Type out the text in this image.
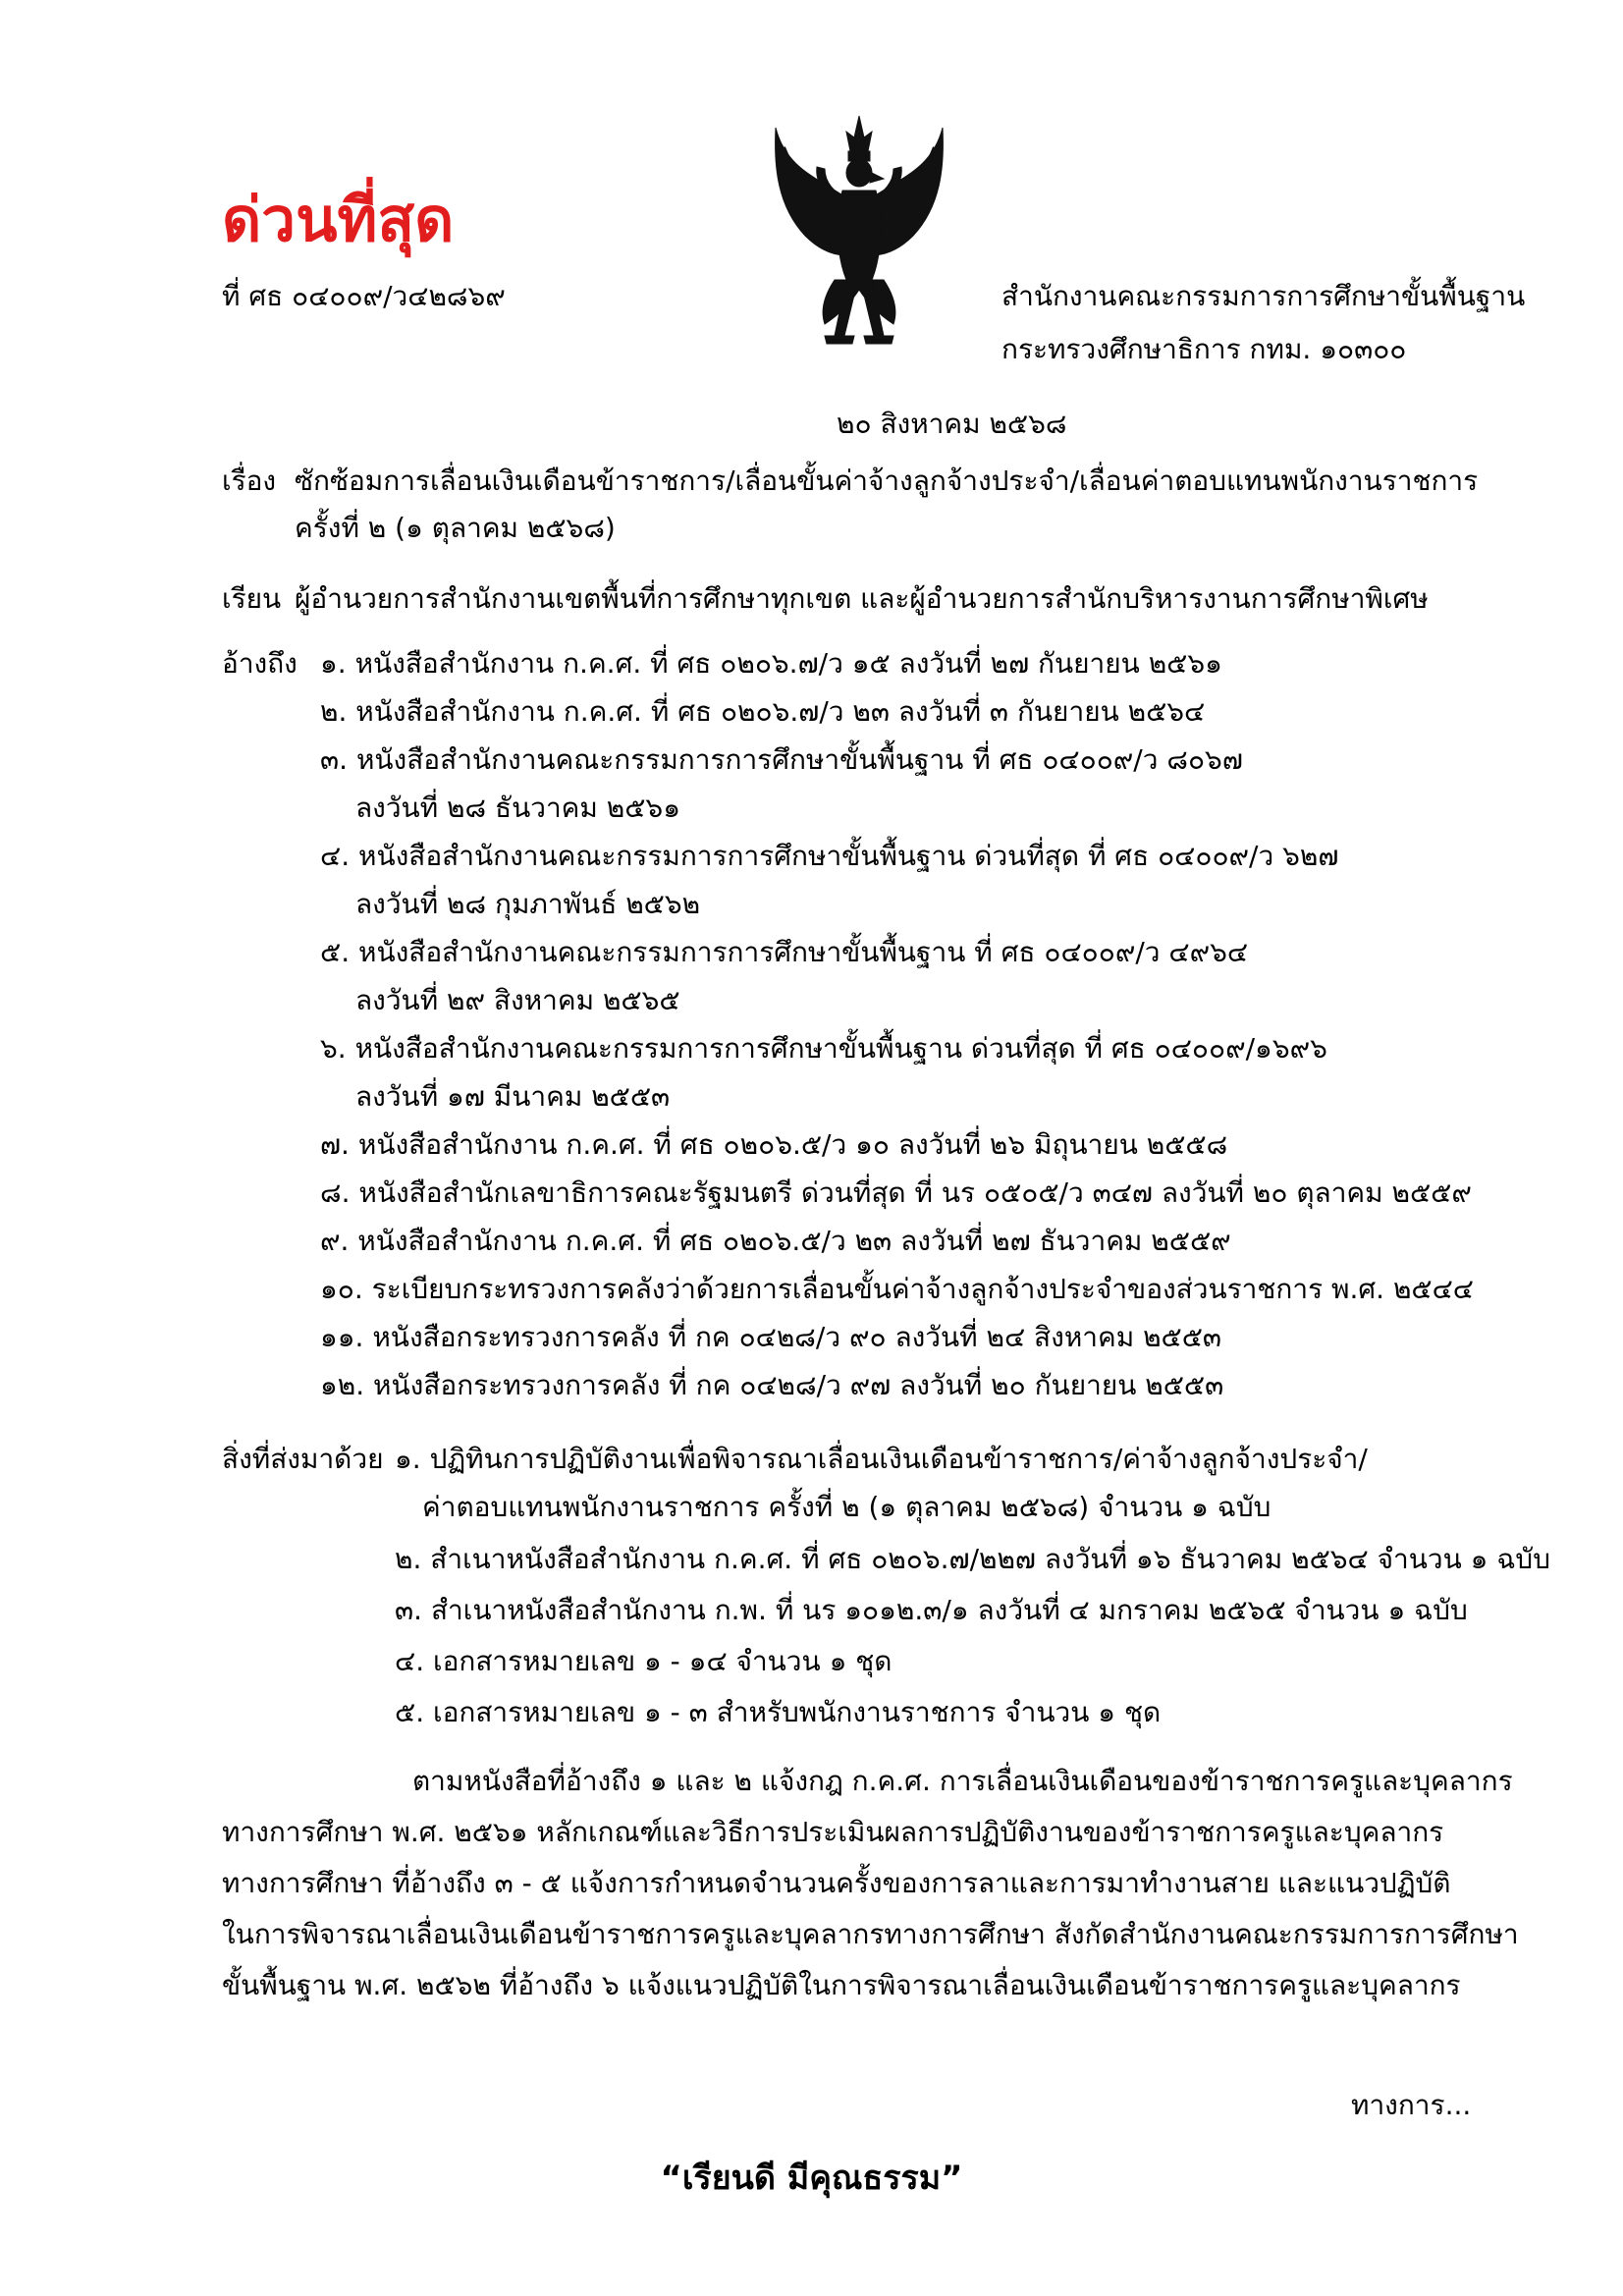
ด่วนที่สุด
ที่ ศธ ๐๔๐๐๙/ว๔๒๘๖๙	สำนักงานคณะกรรมการการศึกษาขั้นพื้นฐาน
กระทรวงศึกษาธิการ กทม. ๑๐๓๐๐
๒๐ สิงหาคม ๒๕๖๘
เรื่อง ซักซ้อมการเลื่อนเงินเดือนข้าราชการ/เลื่อนขั้นค่าจ้างลูกจ้างประจำ/เลื่อนค่าตอบแทนพนักงานราชการ
ครั้งที่ ๒ (๑ ตุลาคม ๒๕๖๘)
เรียน ผู้อำนวยการสำนักงานเขตพื้นที่การศึกษาทุกเขต และผู้อำนวยการสำนักบริหารงานการศึกษาพิเศษ
อ้างถึง ๑. หนังสือสำนักงาน ก.ค.ศ. ที่ ศธ ๐๒๐๖.๗/ว ๑๕ ลงวันที่ ๒๗ กันยายน ๒๕๖๑
๒. หนังสือสำนักงาน ก.ค.ศ. ที่ ศธ ๐๒๐๖.๗/ว ๒๓ ลงวันที่ ๓ กันยายน ๒๕๖๔
๓. หนังสือสำนักงานคณะกรรมการการศึกษาขั้นพื้นฐาน ที่ ศธ ๐๔๐๐๙/ว ๘๐๖๗
ลงวันที่ ๒๘ ธันวาคม ๒๕๖๑
๔. หนังสือสำนักงานคณะกรรมการการศึกษาขั้นพื้นฐาน ด่วนที่สุด ที่ ศธ ๐๔๐๐๙/ว ๖๒๗
ลงวันที่ ๒๘ กุมภาพันธ์ ๒๕๖๒
๕. หนังสือสำนักงานคณะกรรมการการศึกษาขั้นพื้นฐาน ที่ ศธ ๐๔๐๐๙/ว ๔๙๖๔
ลงวันที่ ๒๙ สิงหาคม ๒๕๖๕
๖. หนังสือสำนักงานคณะกรรมการการศึกษาขั้นพื้นฐาน ด่วนที่สุด ที่ ศธ ๐๔๐๐๙/๑๖๙๖
ลงวันที่ ๑๗ มีนาคม ๒๕๕๓
๗. หนังสือสำนักงาน ก.ค.ศ. ที่ ศธ ๐๒๐๖.๕/ว ๑๐ ลงวันที่ ๒๖ มิถุนายน ๒๕๕๘
๘. หนังสือสำนักเลขาธิการคณะรัฐมนตรี ด่วนที่สุด ที่ นร ๐๕๐๕/ว ๓๔๗ ลงวันที่ ๒๐ ตุลาคม ๒๕๕๙
๙. หนังสือสำนักงาน ก.ค.ศ. ที่ ศธ ๐๒๐๖.๕/ว ๒๓ ลงวันที่ ๒๗ ธันวาคม ๒๕๕๙
๑๐. ระเบียบกระทรวงการคลังว่าด้วยการเลื่อนขั้นค่าจ้างลูกจ้างประจำของส่วนราชการ พ.ศ. ๒๕๔๔
๑๑. หนังสือกระทรวงการคลัง ที่ กค ๐๔๒๘/ว ๙๐ ลงวันที่ ๒๔ สิงหาคม ๒๕๕๓
๑๒. หนังสือกระทรวงการคลัง ที่ กค ๐๔๒๘/ว ๙๗ ลงวันที่ ๒๐ กันยายน ๒๕๕๓
สิ่งที่ส่งมาด้วย ๑. ปฏิทินการปฏิบัติงานเพื่อพิจารณาเลื่อนเงินเดือนข้าราชการ/ค่าจ้างลูกจ้างประจำ/
ค่าตอบแทนพนักงานราชการ ครั้งที่ ๒ (๑ ตุลาคม ๒๕๖๘) จำนวน ๑ ฉบับ
๒. สำเนาหนังสือสำนักงาน ก.ค.ศ. ที่ ศธ ๐๒๐๖.๗/๒๒๗ ลงวันที่ ๑๖ ธันวาคม ๒๕๖๔ จำนวน ๑ ฉบับ
๓. สำเนาหนังสือสำนักงาน ก.พ. ที่ นร ๑๐๑๒.๓/๑ ลงวันที่ ๔ มกราคม ๒๕๖๕ จำนวน ๑ ฉบับ
๔. เอกสารหมายเลข ๑ - ๑๔ จำนวน ๑ ชุด
๕. เอกสารหมายเลข ๑ - ๓ สำหรับพนักงานราชการ จำนวน ๑ ชุด
ตามหนังสือที่อ้างถึง ๑ และ ๒ แจ้งกฎ ก.ค.ศ. การเลื่อนเงินเดือนของข้าราชการครูและบุคลากร
ทางการศึกษา พ.ศ. ๒๕๖๑ หลักเกณฑ์และวิธีการประเมินผลการปฏิบัติงานของข้าราชการครูและบุคลากร
ทางการศึกษา ที่อ้างถึง ๓ - ๕ แจ้งการกำหนดจำนวนครั้งของการลาและการมาทำงานสาย และแนวปฏิบัติ
ในการพิจารณาเลื่อนเงินเดือนข้าราชการครูและบุคลากรทางการศึกษา สังกัดสำนักงานคณะกรรมการการศึกษา
ขั้นพื้นฐาน พ.ศ. ๒๕๖๒ ที่อ้างถึง ๖ แจ้งแนวปฏิบัติในการพิจารณาเลื่อนเงินเดือนข้าราชการครูและบุคลากร
ทางการ...
“เรียนดี มีคุณธรรม”
